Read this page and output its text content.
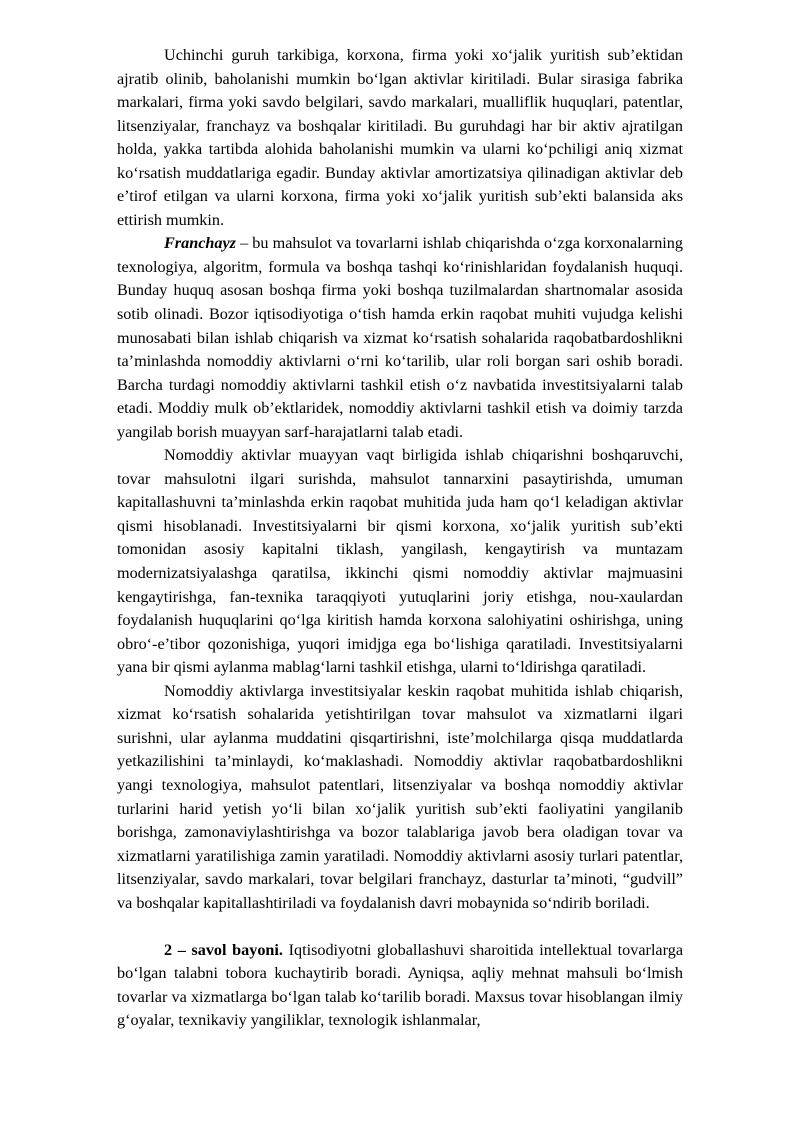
Uchinchi guruh tarkibiga, korxona, firma yoki xo‘jalik yuritish sub’ektidan ajratib olinib, baholanishi mumkin bo‘lgan aktivlar kiritiladi. Bular sirasiga fabrika markalari, firma yoki savdo belgilari, savdo markalari, mualliflik huquqlari, patentlar, litsenziyalar, franchayz va boshqalar kiritiladi. Bu guruhdagi har bir aktiv ajratilgan holda, yakka tartibda alohida baholanishi mumkin va ularni ko‘pchiligi aniq xizmat ko‘rsatish muddatlariga egadir. Bunday aktivlar amortizatsiya qilinadigan aktivlar deb e’tirof etilgan va ularni korxona, firma yoki xo‘jalik yuritish sub’ekti balansida aks ettirish mumkin.

Franchayz – bu mahsulot va tovarlarni ishlab chiqarishda o‘zga korxonalarning texnologiya, algoritm, formula va boshqa tashqi ko‘rinishlaridan foydalanish huquqi. Bunday huquq asosan boshqa firma yoki boshqa tuzilmalardan shartnomalar asosida sotib olinadi. Bozor iqtisodiyotiga o‘tish hamda erkin raqobat muhiti vujudga kelishi munosabati bilan ishlab chiqarish va xizmat ko‘rsatish sohalarida raqobatbardoshlikni ta’minlashda nomoddiy aktivlarni o‘rni ko‘tarilib, ular roli borgan sari oshib boradi. Barcha turdagi nomoddiy aktivlarni tashkil etish o‘z navbatida investitsiyalarni talab etadi. Moddiy mulk ob’ektlaridek, nomoddiy aktivlarni tashkil etish va doimiy tarzda yangilab borish muayyan sarf-harajatlarni talab etadi.

Nomoddiy aktivlar muayyan vaqt birligida ishlab chiqarishni boshqaruvchi, tovar mahsulotni ilgari surishda, mahsulot tannarxini pasaytirishda, umuman kapitallashuvni ta’minlashda erkin raqobat muhitida juda ham qo‘l keladigan aktivlar qismi hisoblanadi. Investitsiyalarni bir qismi korxona, xo‘jalik yuritish sub’ekti tomonidan asosiy kapitalni tiklash, yangilash, kengaytirish va muntazam modernizatsiyalashga qaratilsa, ikkinchi qismi nomoddiy aktivlar majmuasini kengaytirishga, fan-texnika taraqqiyoti yutuqlarini joriy etishga, nou-xaulardan foydalanish huquqlarini qo‘lga kiritish hamda korxona salohiyatini oshirishga, uning obro‘-e’tibor qozonishiga, yuqori imidjga ega bo‘lishiga qaratiladi. Investitsiyalarni yana bir qismi aylanma mablag‘larni tashkil etishga, ularni to‘ldirishga qaratiladi.

Nomoddiy aktivlarga investitsiyalar keskin raqobat muhitida ishlab chiqarish, xizmat ko‘rsatish sohalarida yetishtirilgan tovar mahsulot va xizmatlarni ilgari surishni, ular aylanma muddatini qisqartirishni, iste’molchilarga qisqa muddatlarda yetkazilishini ta’minlaydi, ko‘maklashadi. Nomoddiy aktivlar raqobatbardoshlikni yangi texnologiya, mahsulot patentlari, litsenziyalar va boshqa nomoddiy aktivlar turlarini harid yetish yo‘li bilan xo‘jalik yuritish sub’ekti faoliyatini yangilanib borishga, zamonaviylashtirishga va bozor talablariga javob bera oladigan tovar va xizmatlarni yaratilishiga zamin yaratiladi. Nomoddiy aktivlarni asosiy turlari patentlar, litsenziyalar, savdo markalari, tovar belgilari franchayz, dasturlar ta’minoti, “gudvill” va boshqalar kapitallashtiriladi va foydalanish davri mobaynida so‘ndirib boriladi.

2 – savol bayoni. Iqtisodiyotni globallashuvi sharoitida intellektual tovarlarga bo‘lgan talabni tobora kuchaytirib boradi. Ayniqsa, aqliy mehnat mahsuli bo‘lmish tovarlar va xizmatlarga bo‘lgan talab ko‘tarilib boradi. Maxsus tovar hisoblangan ilmiy g‘oyalar, texnikaviy yangiliklar, texnologik ishlanmalar,
